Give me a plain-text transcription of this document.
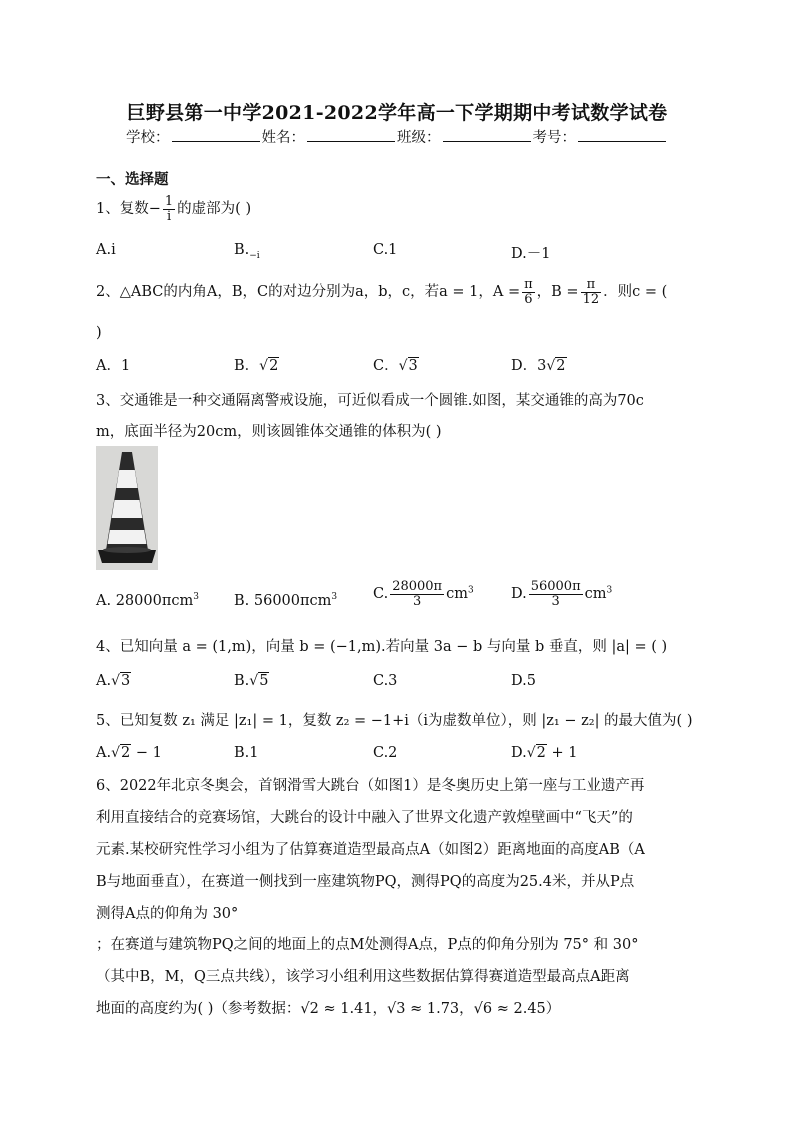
巨野县第一中学2021-2022学年高一下学期期中考试数学试卷
学校：	姓名：	班级：	考号：
一、选择题
1、复数− $\frac{1}{i}$ 的虚部为( )
A.i	$B._{-i}$	C.1	D.－1
2、△ABC的内角A，B，C的对边分别为a，b，c，若a = 1，$A = \frac{\pi}{6}$ ，$B = \frac{\pi}{12}$ ．则c = (
)
A．1	B．√2	C．√3	D．3√2
3、交通锥是一种交通隔离警戒设施，可近似看成一个圆锥.如图，某交通锥的高为70c
m，底面半径为20cm，则该圆锥体交通锥的体积为( )
A. 28000πcm$^3$ B. 56000πcm$^3$ C. $\frac{28000\pi}{3} cm^3$	D. $\frac{56000\pi}{3} cm^3$
4、已知向量 a = (1,m)，向量 b = (−1,m).若向量 3a − b 与向量 b 垂直，则 |a| = ( )
A.√3	B.√5	C.3	D.5
5、已知复数 z₁ 满足 |z₁| = 1，复数 z₂ = −1+i（i为虚数单位），则 |z₁ − z₂| 的最大值为( )
A.√2 − 1	B.1	C.2	D.√2 + 1
6、2022年北京冬奥会，首钢滑雪大跳台（如图1）是冬奥历史上第一座与工业遗产再
利用直接结合的竞赛场馆，大跳台的设计中融入了世界文化遗产敦煌壁画中“飞天”的
元素.某校研究性学习小组为了估算赛道造型最高点A（如图2）距离地面的高度AB（A
B与地面垂直），在赛道一侧找到一座建筑物PQ，测得PQ的高度为25.4米，并从P点
测得A点的仰角为 30°
；在赛道与建筑物PQ之间的地面上的点M处测得A点，P点的仰角分别为 75° 和 30°
（其中B，M，Q三点共线），该学习小组利用这些数据估算得赛道造型最高点A距离
地面的高度约为( )（参考数据：√2 ≈ 1.41，√3 ≈ 1.73，√6 ≈ 2.45）
